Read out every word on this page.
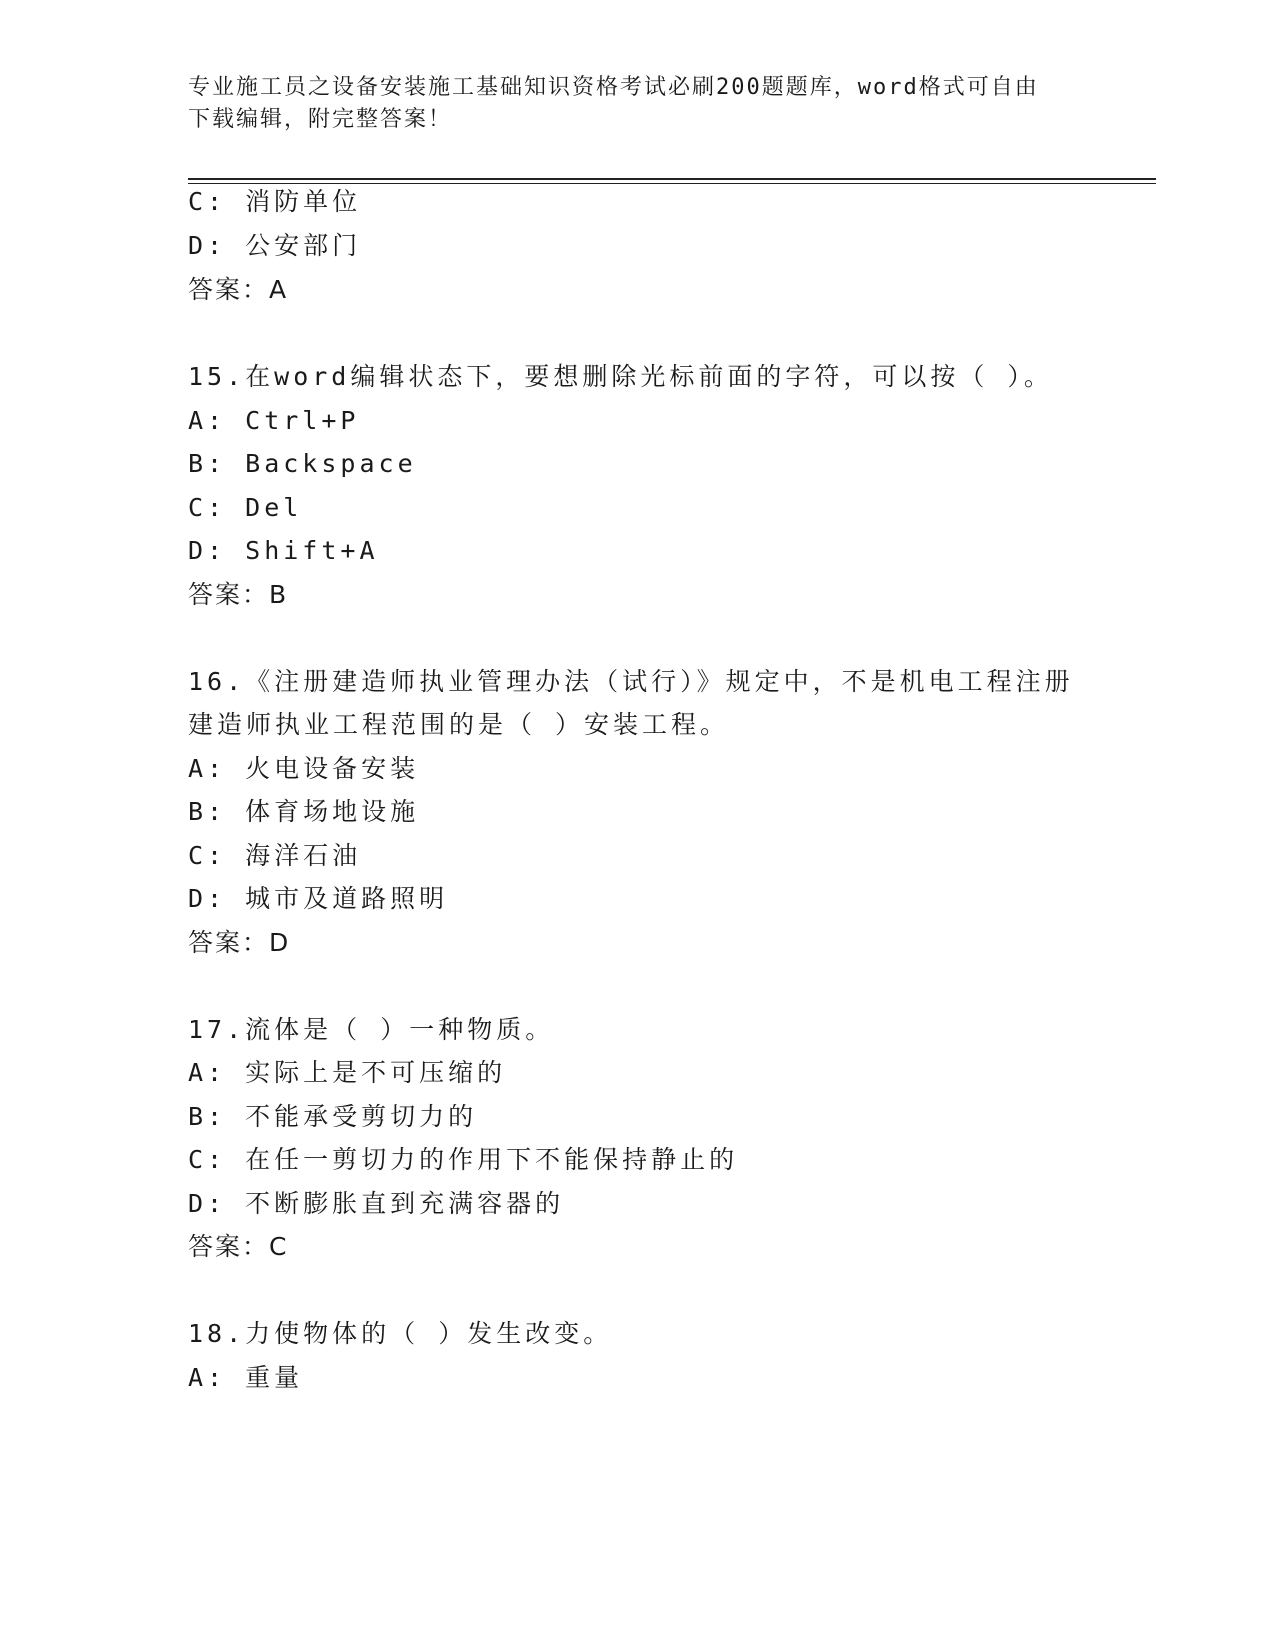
专业施工员之设备安装施工基础知识资格考试必刷200题题库，word格式可自由
下载编辑，附完整答案！
C: 消防单位
D: 公安部门
答案：A
15.在word编辑状态下，要想删除光标前面的字符，可以按（ ）。
A: Ctrl+P
B: Backspace
C: Del
D: Shift+A
答案：B
16.《注册建造师执业管理办法（试行）》规定中，不是机电工程注册
建造师执业工程范围的是（ ）安装工程。
A: 火电设备安装
B: 体育场地设施
C: 海洋石油
D: 城市及道路照明
答案：D
17.流体是（ ）一种物质。
A: 实际上是不可压缩的
B: 不能承受剪切力的
C: 在任一剪切力的作用下不能保持静止的
D: 不断膨胀直到充满容器的
答案：C
18.力使物体的（ ）发生改变。
A: 重量
